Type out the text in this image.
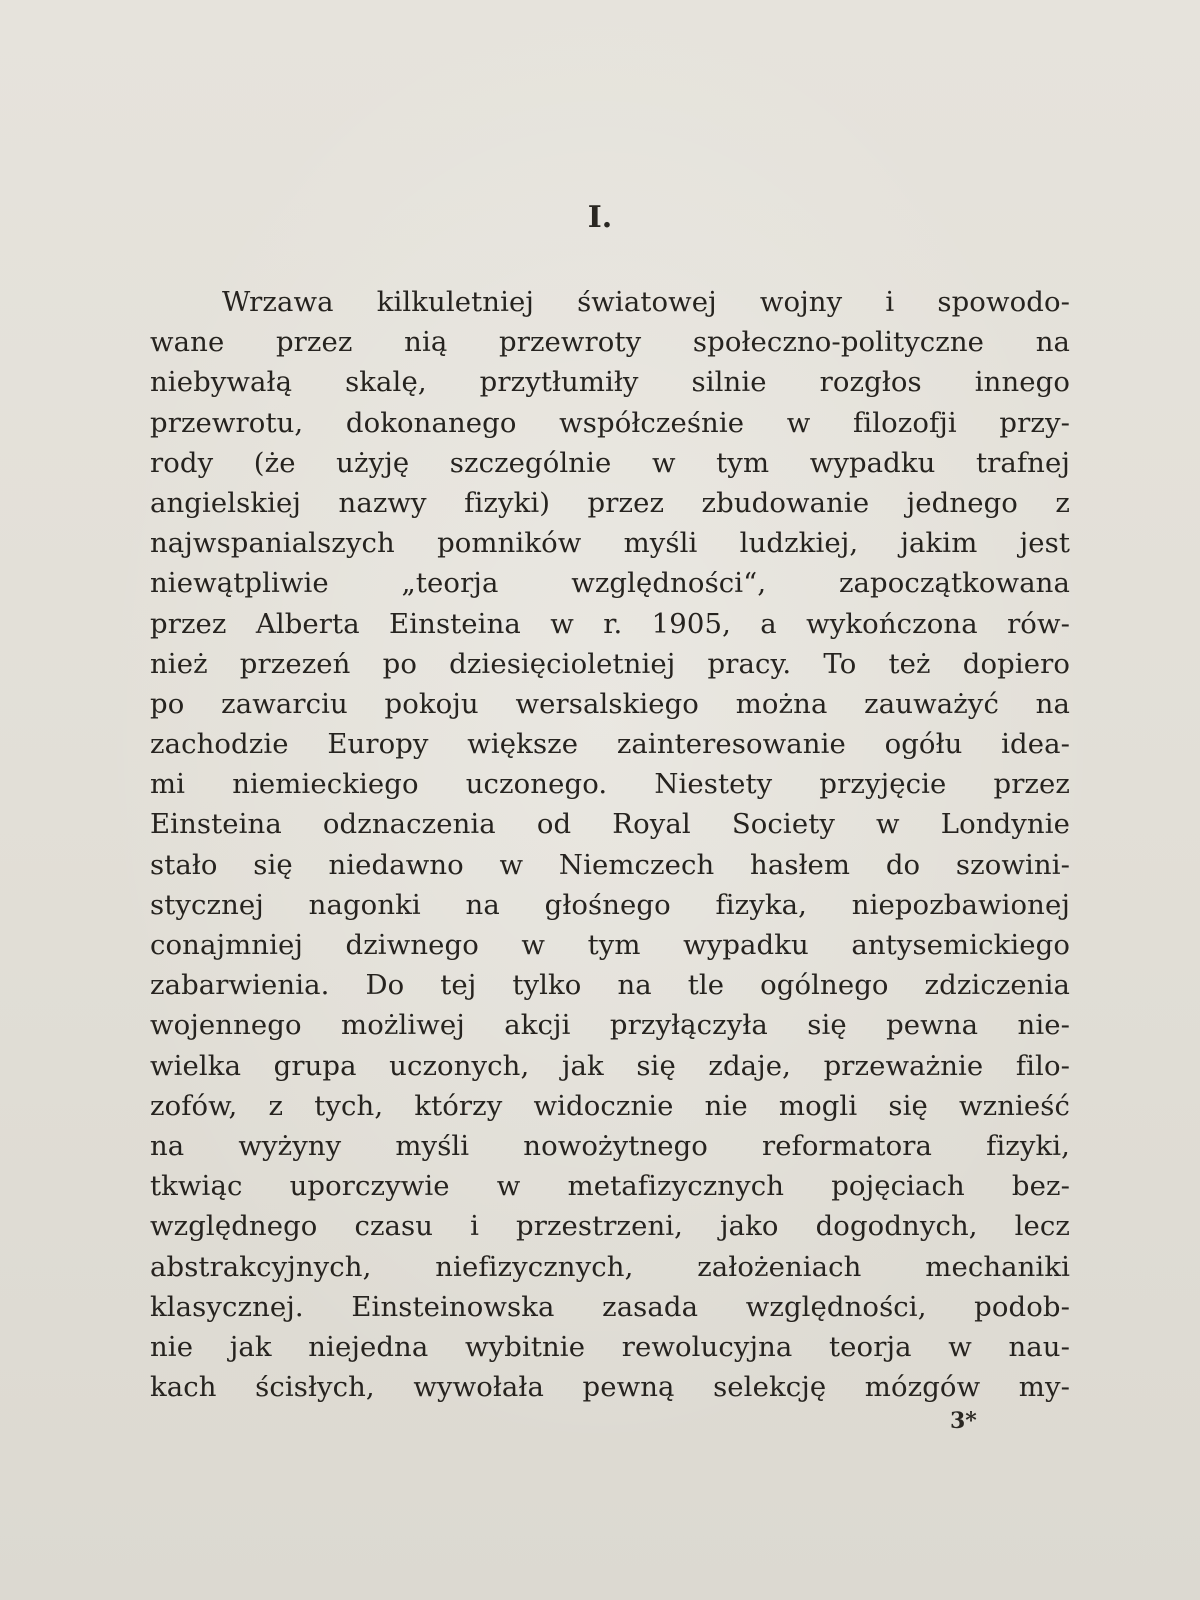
I.
Wrzawa kilkuletniej światowej wojny i spowodo-
wane przez nią przewroty społeczno-polityczne na
niebywałą skalę, przytłumiły silnie rozgłos innego
przewrotu, dokonanego współcześnie w filozofji przy-
rody (że użyję szczególnie w tym wypadku trafnej
angielskiej nazwy fizyki) przez zbudowanie jednego z
najwspanialszych pomników myśli ludzkiej, jakim jest
niewątpliwie „teorja względności“, zapoczątkowana
przez Alberta Einsteina w r. 1905, a wykończona rów-
nież przezeń po dziesięcioletniej pracy. To też dopiero
po zawarciu pokoju wersalskiego można zauważyć na
zachodzie Europy większe zainteresowanie ogółu idea-
mi niemieckiego uczonego. Niestety przyjęcie przez
Einsteina odznaczenia od Royal Society w Londynie
stało się niedawno w Niemczech hasłem do szowini-
stycznej nagonki na głośnego fizyka, niepozbawionej
conajmniej dziwnego w tym wypadku antysemickiego
zabarwienia. Do tej tylko na tle ogólnego zdziczenia
wojennego możliwej akcji przyłączyła się pewna nie-
wielka grupa uczonych, jak się zdaje, przeważnie filo-
zofów, z tych, którzy widocznie nie mogli się wznieść
na wyżyny myśli nowożytnego reformatora fizyki,
tkwiąc uporczywie w metafizycznych pojęciach bez-
względnego czasu i przestrzeni, jako dogodnych, lecz
abstrakcyjnych, niefizycznych, założeniach mechaniki
klasycznej. Einsteinowska zasada względności, podob-
nie jak niejedna wybitnie rewolucyjna teorja w nau-
kach ścisłych, wywołała pewną selekcję mózgów my-
3*
